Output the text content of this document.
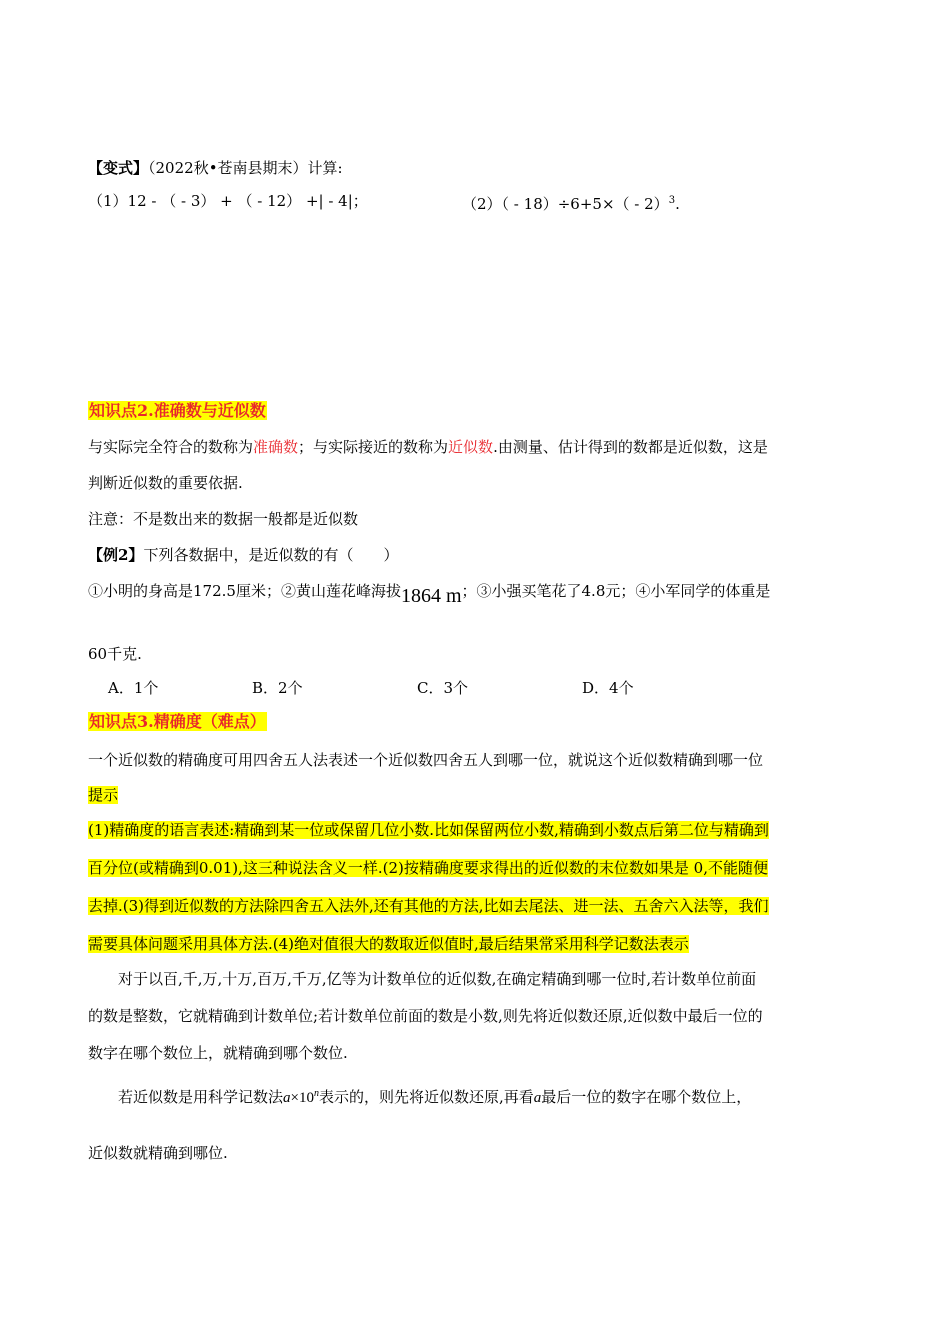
【变式】（2022秋•苍南县期末）计算:
（1）12 - （ - 3） + （ - 12） +| - 4|；	（2）（ - 18）÷6+5×（ - 2）$^3$.
知识点2.准确数与近似数
与实际完全符合的数称为准确数；与实际接近的数称为近似数.由测量、估计得到的数都是近似数，这是
判断近似数的重要依据.
注意：不是数出来的数据一般都是近似数
【例2】下列各数据中，是近似数的有（　　）
①小明的身高是172.5厘米；②黄山莲花峰海拔1864 m；③小强买笔花了4.8元；④小军同学的体重是
60千克.
A．1个	B．2个	C．3个	D．4个
知识点3.精确度（难点）
一个近似数的精确度可用四舍五人法表述一个近似数四舍五人到哪一位，就说这个近似数精确到哪一位
提示
(1)精确度的语言表述:精确到某一位或保留几位小数.比如保留两位小数,精确到小数点后第二位与精确到
百分位(或精确到0.01),这三种说法含义一样.(2)按精确度要求得出的近似数的末位数如果是 0,不能随便
去掉.(3)得到近似数的方法除四舍五入法外,还有其他的方法,比如去尾法、进一法、五舍六入法等，我们
需要具体问题采用具体方法.(4)绝对值很大的数取近似值时,最后结果常采用科学记数法表示
对于以百,千,万,十万,百万,千万,亿等为计数单位的近似数,在确定精确到哪一位时,若计数单位前面
的数是整数，它就精确到计数单位;若计数单位前面的数是小数,则先将近似数还原,近似数中最后一位的
数字在哪个数位上，就精确到哪个数位.
若近似数是用科学记数法$a\times 10^n$表示的，则先将近似数还原,再看a最后一位的数字在哪个数位上，
近似数就精确到哪位.
